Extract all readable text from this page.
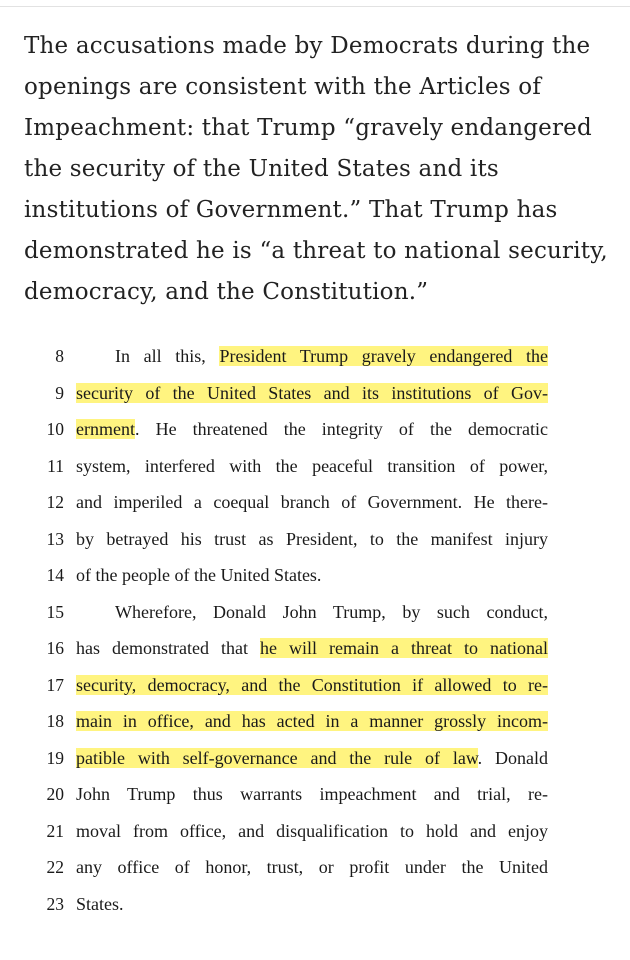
The accusations made by Democrats during the
openings are consistent with the Articles of
Impeachment: that Trump “gravely endangered
the security of the United States and its
institutions of Government.” That Trump has
demonstrated he is “a threat to national security,
democracy, and the Constitution.”
8	In all this, President Trump gravely endangered the
9 security of the United States and its institutions of Gov-
10 ernment. He threatened the integrity of the democratic
11 system, interfered with the peaceful transition of power,
12 and imperiled a coequal branch of Government. He there-
13 by betrayed his trust as President, to the manifest injury
14 of the people of the United States.
15	Wherefore, Donald John Trump, by such conduct,
16 has demonstrated that he will remain a threat to national
17 security, democracy, and the Constitution if allowed to re-
18 main in office, and has acted in a manner grossly incom-
19 patible with self-governance and the rule of law. Donald
20 John Trump thus warrants impeachment and trial, re-
21 moval from office, and disqualification to hold and enjoy
22 any office of honor, trust, or profit under the United
23 States.
